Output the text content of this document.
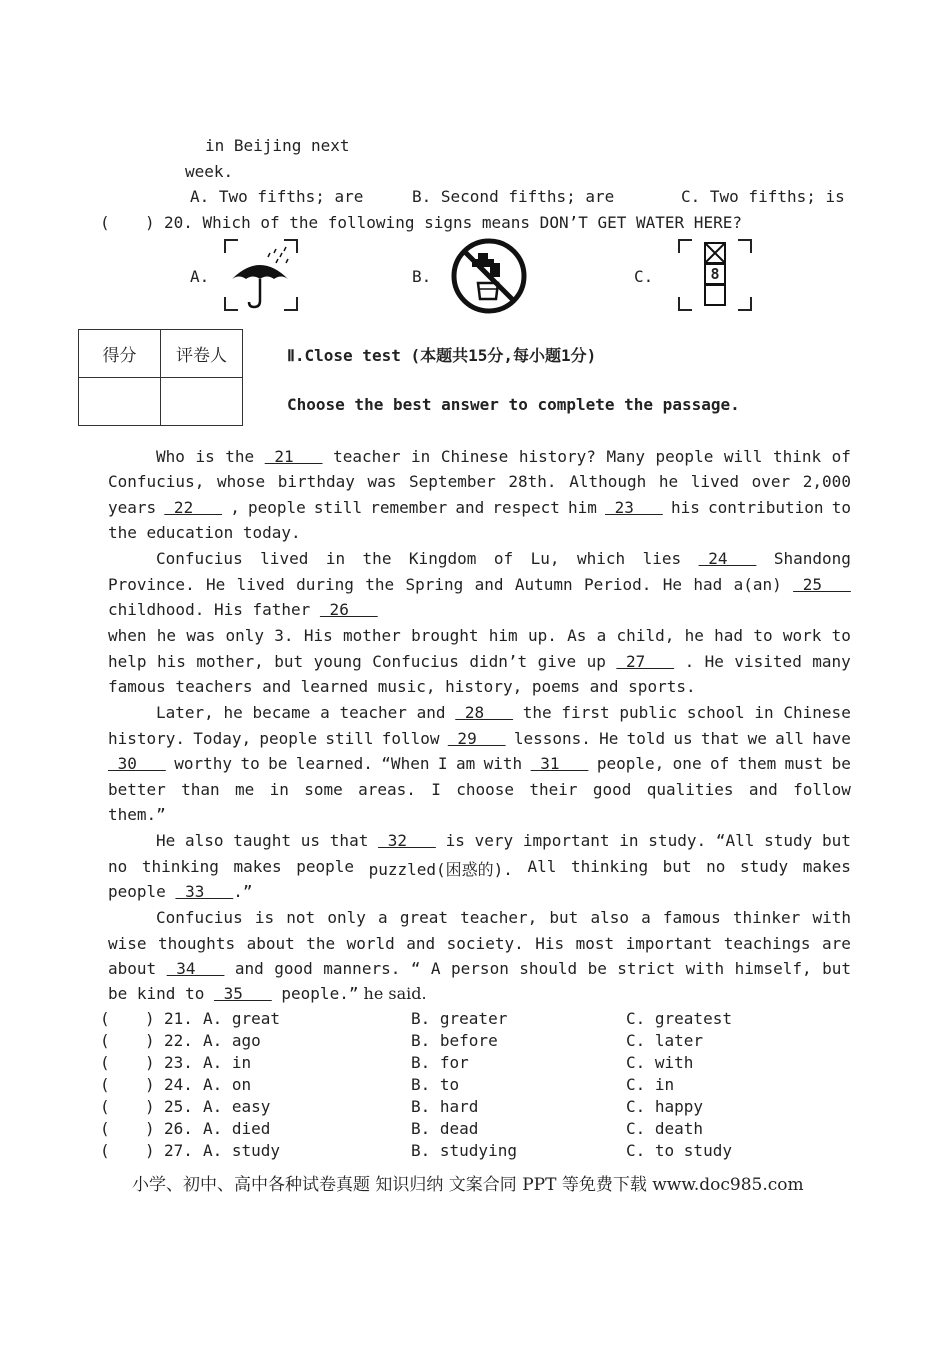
in Beijing next
week.
A. Two fifths; are	B. Second fifths; are	C. Two fifths; is
( ) 20. Which of the following signs means DON’T GET WATER HERE?
A.	B.	C.	8
得分	评卷人
		Ⅱ.Close test (本题共15分,每小题1分)
Choose the best answer to complete the passage.
Who is the 21 teacher in Chinese history? Many people will think of
Confucius, whose birthday was September 28th. Although he lived over 2,000
years 22 , people still remember and respect him 23 his contribution to
the education today.
Confucius lived in the Kingdom of Lu, which lies 24 Shandong
Province. He lived during the Spring and Autumn Period. He had a(an) 25
childhood. His father 26
when he was only 3. His mother brought him up. As a child, he had to work to
help his mother, but young Confucius didn’t give up 27 . He visited many
famous teachers and learned music, history, poems and sports.
Later, he became a teacher and 28 the first public school in Chinese
history. Today, people still follow 29 lessons. He told us that we all have
30 worthy to be learned. “When I am with 31 people, one of them must be
better than me in some areas. I choose their good qualities and follow
them.”
He also taught us that 32 is very important in study. “All study but
no thinking makes people puzzled(困惑的). All thinking but no study makes
people 33 .”
Confucius is not only a great teacher, but also a famous thinker with
wise thoughts about the world and society. His most important teachings are
about 34 and good manners. “ A person should be strict with himself, but
be kind to 35 people.” he said.
( ) 21. A. great	B. greater	C. greatest
( ) 22. A. ago	B. before	C. later
( ) 23. A. in	B. for	C. with
( ) 24. A. on	B. to	C. in
( ) 25. A. easy	B. hard	C. happy
( ) 26. A. died	B. dead	C. death
( ) 27. A. study	B. studying	C. to study
小学、初中、高中各种试卷真题 知识归纳 文案合同 PPT 等免费下载 www.doc985.com
